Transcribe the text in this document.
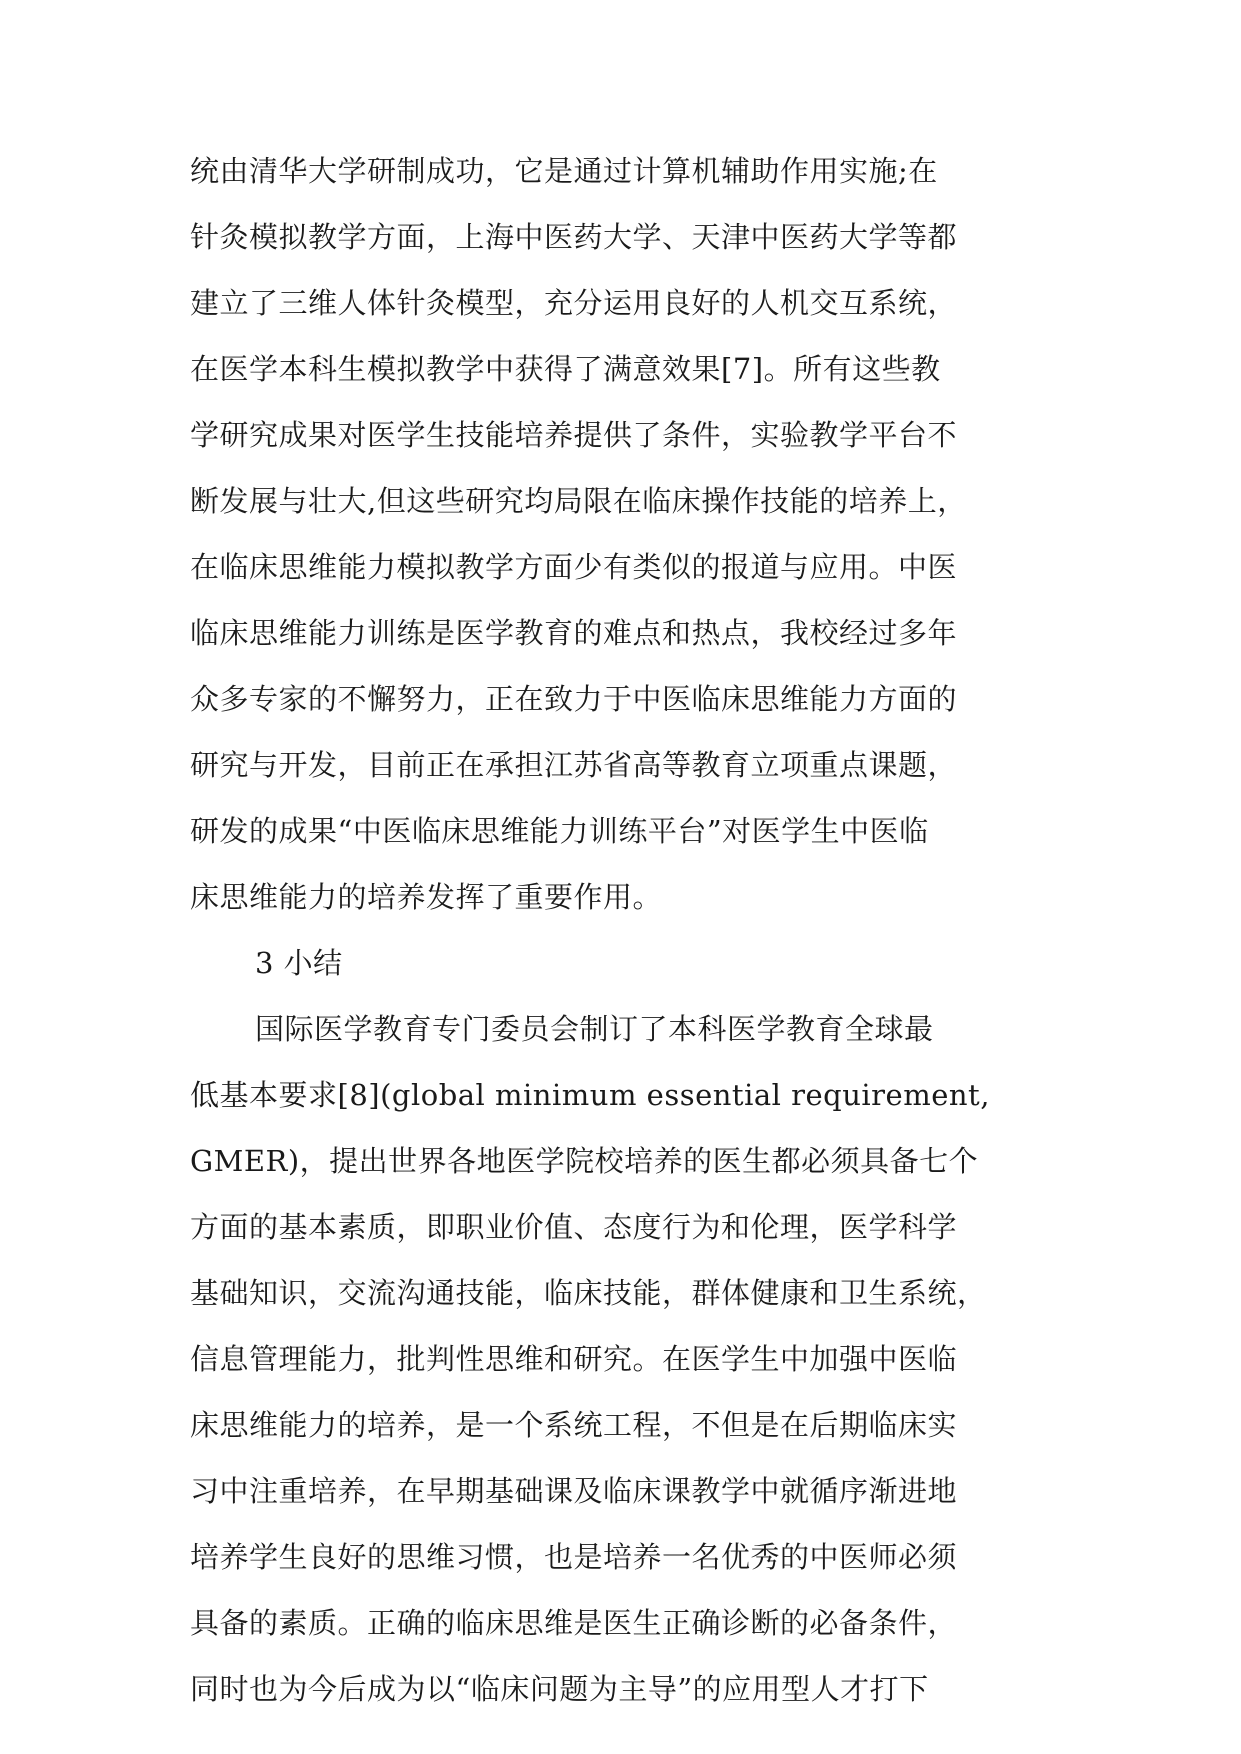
统由清华大学研制成功，它是通过计算机辅助作用实施;在
针灸模拟教学方面，上海中医药大学、天津中医药大学等都
建立了三维人体针灸模型，充分运用良好的人机交互系统，
在医学本科生模拟教学中获得了满意效果[7]。所有这些教
学研究成果对医学生技能培养提供了条件，实验教学平台不
断发展与壮大,但这些研究均局限在临床操作技能的培养上，
在临床思维能力模拟教学方面少有类似的报道与应用。中医
临床思维能力训练是医学教育的难点和热点，我校经过多年
众多专家的不懈努力，正在致力于中医临床思维能力方面的
研究与开发，目前正在承担江苏省高等教育立项重点课题，
研发的成果“中医临床思维能力训练平台”对医学生中医临
床思维能力的培养发挥了重要作用。
3 小结
国际医学教育专门委员会制订了本科医学教育全球最
低基本要求[8](global minimum essential requirement,
GMER)，提出世界各地医学院校培养的医生都必须具备七个
方面的基本素质，即职业价值、态度行为和伦理，医学科学
基础知识，交流沟通技能，临床技能，群体健康和卫生系统，
信息管理能力，批判性思维和研究。在医学生中加强中医临
床思维能力的培养，是一个系统工程，不但是在后期临床实
习中注重培养，在早期基础课及临床课教学中就循序渐进地
培养学生良好的思维习惯，也是培养一名优秀的中医师必须
具备的素质。正确的临床思维是医生正确诊断的必备条件，
同时也为今后成为以“临床问题为主导”的应用型人才打下
